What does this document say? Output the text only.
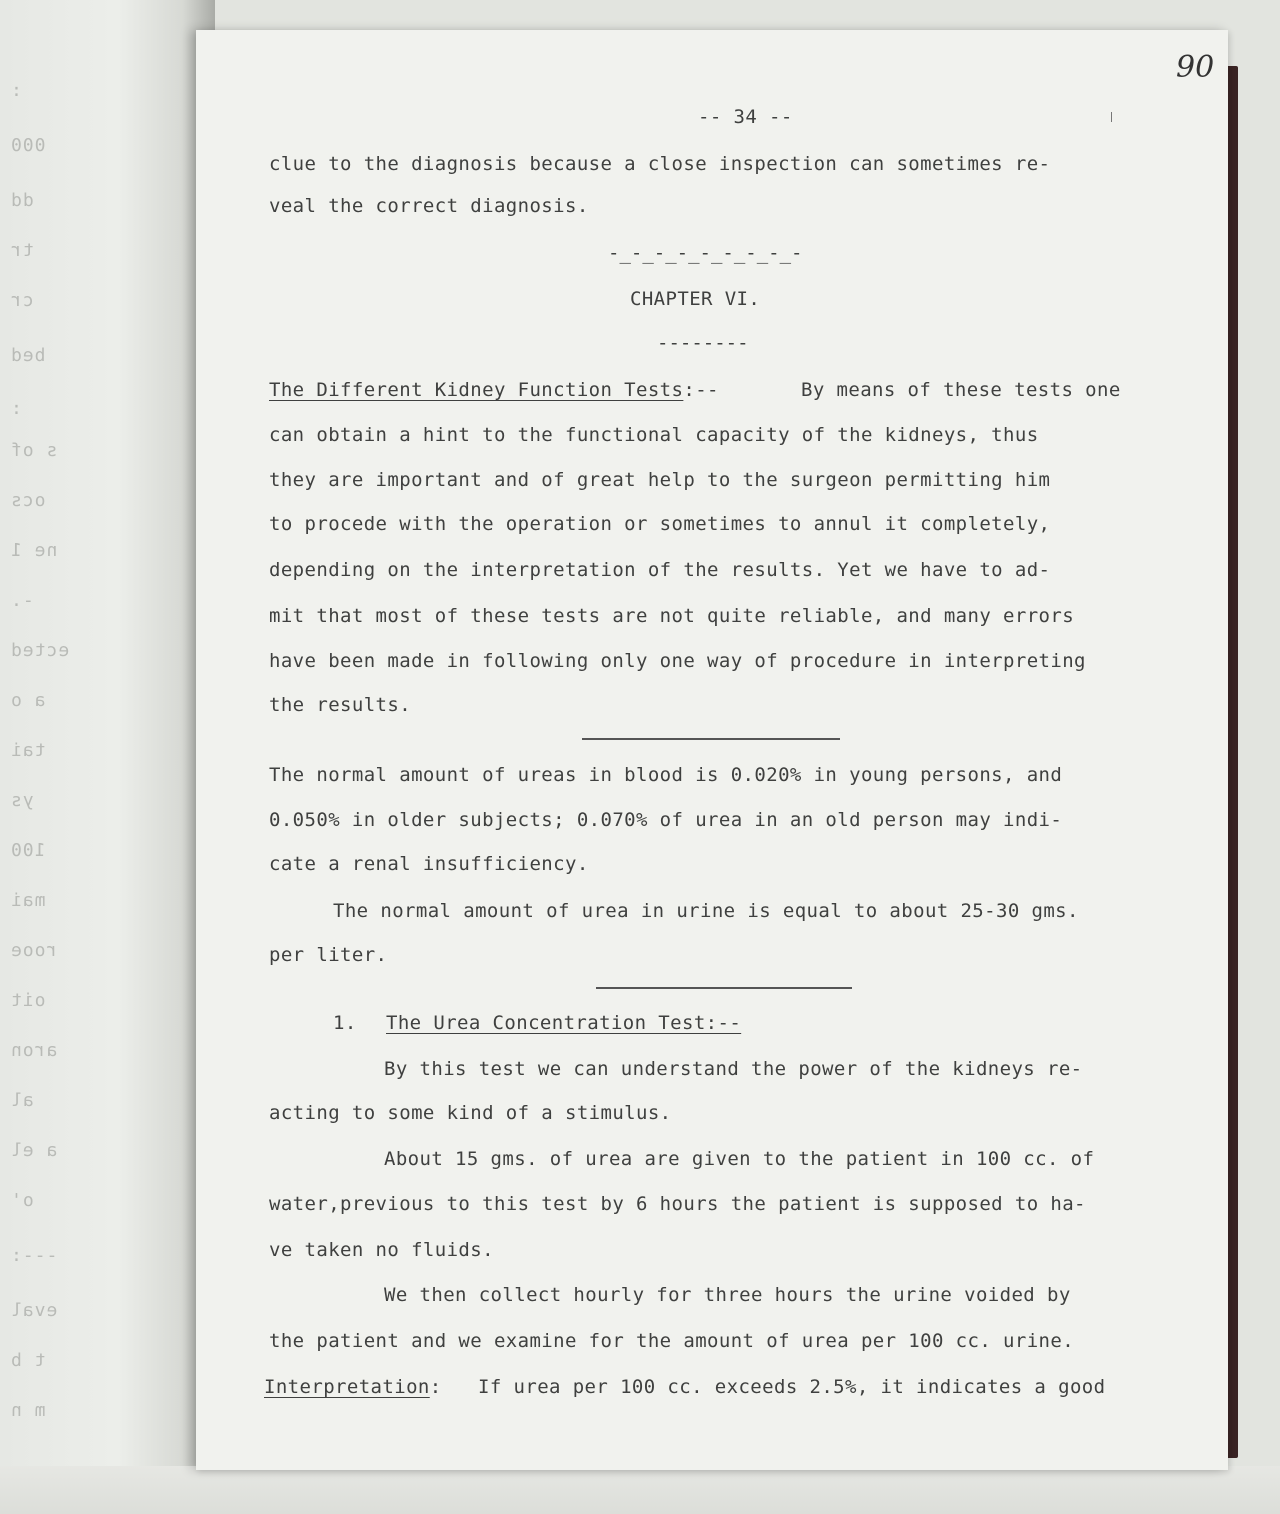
:
000
dd
tr
cr
bed
:
s of
ocs
ne 1
-.
ected
a o
tai
ys
100
mai
rooe
oit
aron
al
a el
o'
---:
eval
t b
m n
90
-- 34 --
clue to the diagnosis because a close inspection can sometimes re-
veal the correct diagnosis.
-_-_-_-_-_-_-_-_-
CHAPTER VI.
--------
The Different Kidney Function Tests:--	By means of these tests one
can obtain a hint to the functional capacity of the kidneys, thus
they are important and of great help to the surgeon permitting him
to procede with the operation or sometimes to annul it completely,
depending on the interpretation of the results. Yet we have to ad-
mit that most of these tests are not quite reliable, and many errors
have been made in following only one way of procedure in interpreting
the results.
The normal amount of ureas in blood is 0.020% in young persons, and
0.050% in older subjects; 0.070% of urea in an old person may indi-
cate a renal insufficiency.
The normal amount of urea in urine is equal to about 25-30 gms.
per liter.
1. The Urea Concentration Test:--
By this test we can understand the power of the kidneys re-
acting to some kind of a stimulus.
About 15 gms. of urea are given to the patient in 100 cc. of
water,previous to this test by 6 hours the patient is supposed to ha-
ve taken no fluids.
We then collect hourly for three hours the urine voided by
the patient and we examine for the amount of urea per 100 cc. urine.
Interpretation: If urea per 100 cc. exceeds 2.5%, it indicates a good
